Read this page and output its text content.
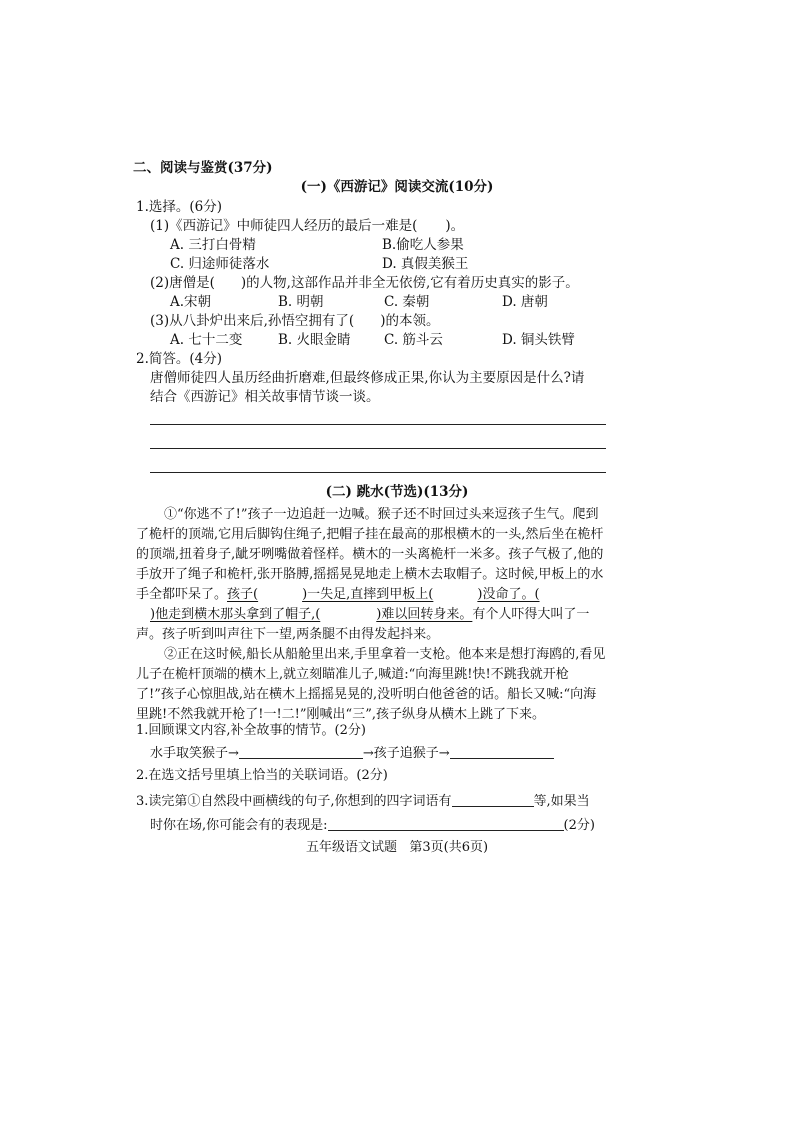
二、阅读与鉴赏(37分)
(一)《西游记》阅读交流(10分)
1.选择。(6分)
(1)《西游记》中师徒四人经历的最后一难是( )。
A. 三打白骨精	B.偷吃人参果
C. 归途师徒落水	D. 真假美猴王
(2)唐僧是( )的人物,这部作品并非全无依傍,它有着历史真实的影子。
A.宋朝	B. 明朝	C. 秦朝	D. 唐朝
(3)从八卦炉出来后,孙悟空拥有了( )的本领。
A. 七十二变	B. 火眼金睛 C. 筋斗云	D. 铜头铁臂
2.简答。(4分)
唐僧师徒四人虽历经曲折磨难,但最终修成正果,你认为主要原因是什么?请
结合《西游记》相关故事情节谈一谈。
(二) 跳水(节选)(13分)
①“你逃不了!”孩子一边追赶一边喊。猴子还不时回过头来逗孩子生气。爬到
了桅杆的顶端,它用后脚钩住绳子,把帽子挂在最高的那根横木的一头,然后坐在桅杆
的顶端,扭着身子,龇牙咧嘴做着怪样。横木的一头离桅杆一米多。孩子气极了,他的
手放开了绳子和桅杆,张开胳膊,摇摇晃晃地走上横木去取帽子。这时候,甲板上的水
手全都吓呆了。孩子(	)一失足,直摔到甲板上(	)没命了。(
)他走到横木那头拿到了帽子,(	)难以回转身来。有个人吓得大叫了一
声。孩子听到叫声往下一望,两条腿不由得发起抖来。
②正在这时候,船长从船舱里出来,手里拿着一支枪。他本来是想打海鸥的,看见
儿子在桅杆顶端的横木上,就立刻瞄准儿子,喊道:“向海里跳!快!不跳我就开枪
了!”孩子心惊胆战,站在横木上摇摇晃晃的,没听明白他爸爸的话。船长又喊:“向海
里跳!不然我就开枪了!一!二!”刚喊出“三”,孩子纵身从横木上跳了下来。
1.回顾课文内容,补全故事的情节。(2分)
水手取笑猴子→	→孩子追猴子→
2.在选文括号里填上恰当的关联词语。(2分)
3.读完第①自然段中画横线的句子,你想到的四字词语有	等,如果当
时你在场,你可能会有的表现是:	(2分)
五年级语文试题   第3页(共6页)
